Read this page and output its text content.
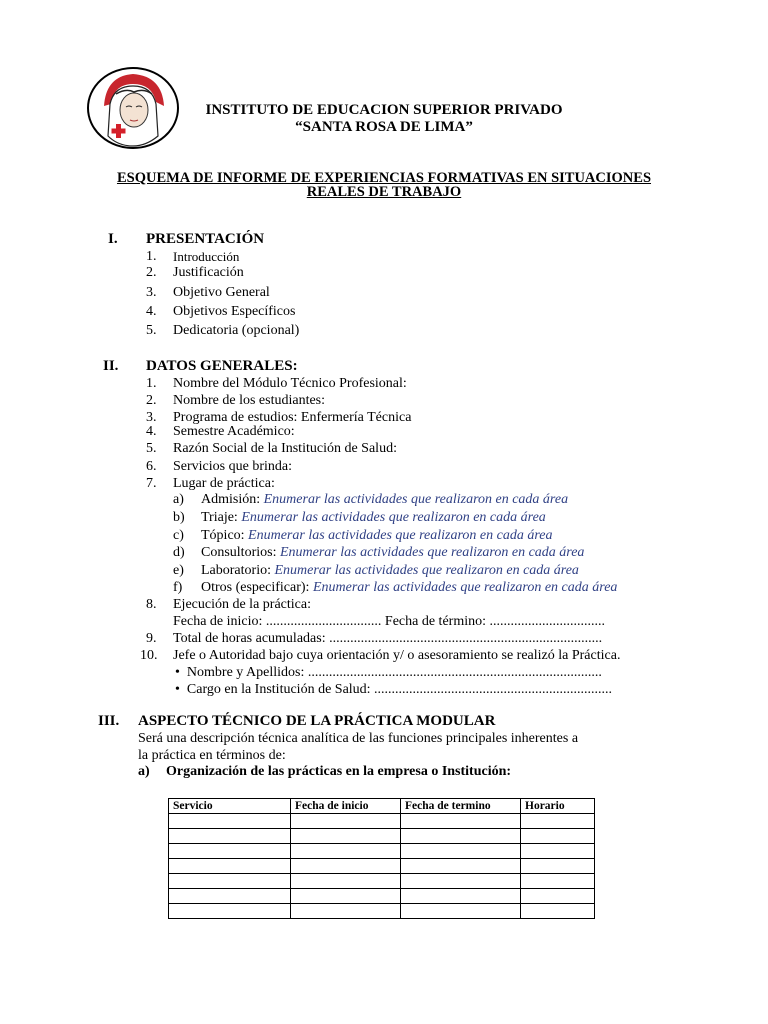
INSTITUTO DE EDUCACION SUPERIOR PRIVADO
“SANTA ROSA DE LIMA”
ESQUEMA DE INFORME DE EXPERIENCIAS FORMATIVAS EN SITUACIONES
REALES DE TRABAJO
I. PRESENTACIÓN
1. Introducción
2. Justificación
3. Objetivo General
4. Objetivos Específicos
5. Dedicatoria (opcional)
II. DATOS GENERALES:
1. Nombre del Módulo Técnico Profesional:
2. Nombre de los estudiantes:
3. Programa de estudios: Enfermería Técnica
4. Semestre Académico:
5. Razón Social de la Institución de Salud:
6. Servicios que brinda:
7. Lugar de práctica:
a) Admisión: Enumerar las actividades que realizaron en cada área
b) Triaje: Enumerar las actividades que realizaron en cada área
c) Tópico: Enumerar las actividades que realizaron en cada área
d) Consultorios: Enumerar las actividades que realizaron en cada área
e) Laboratorio: Enumerar las actividades que realizaron en cada área
f) Otros (especificar): Enumerar las actividades que realizaron en cada área
8. Ejecución de la práctica:
Fecha de inicio: ................................. Fecha de término: .................................
9. Total de horas acumuladas: ..............................................................................
10. Jefe o Autoridad bajo cuya orientación y/ o asesoramiento se realizó la Práctica.
•  Nombre y Apellidos: ....................................................................................
•  Cargo en la Institución de Salud: ....................................................................
III. ASPECTO TÉCNICO DE LA PRÁCTICA MODULAR
Será una descripción técnica analítica de las funciones principales inherentes a
la práctica en términos de:
a) Organización de las prácticas en la empresa o Institución:
Servicio	Fecha de inicio	Fecha de termino	Horario
